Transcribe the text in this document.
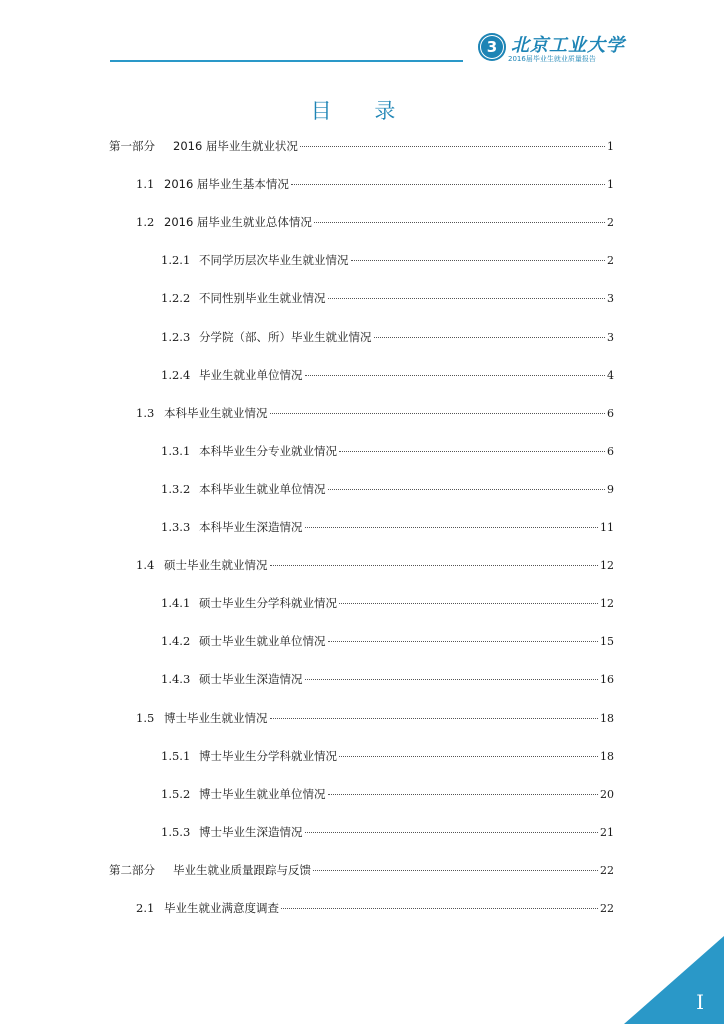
3 北京工业大学
2016届毕业生就业质量报告
目 录
第一部分	2016 届毕业生就业状况	1
1.1 2016 届毕业生基本情况	1
1.2 2016 届毕业生就业总体情况	2
1.2.1 不同学历层次毕业生就业情况	2
1.2.2 不同性别毕业生就业情况	3
1.2.3 分学院（部、所）毕业生就业情况	3
1.2.4 毕业生就业单位情况	4
1.3 本科毕业生就业情况	6
1.3.1 本科毕业生分专业就业情况	6
1.3.2 本科毕业生就业单位情况	9
1.3.3 本科毕业生深造情况	11
1.4 硕士毕业生就业情况	12
1.4.1 硕士毕业生分学科就业情况	12
1.4.2 硕士毕业生就业单位情况	15
1.4.3 硕士毕业生深造情况	16
1.5 博士毕业生就业情况	18
1.5.1 博士毕业生分学科就业情况	18
1.5.2 博士毕业生就业单位情况	20
1.5.3 博士毕业生深造情况	21
第二部分	毕业生就业质量跟踪与反馈	22
2.1 毕业生就业满意度调查	22
I
